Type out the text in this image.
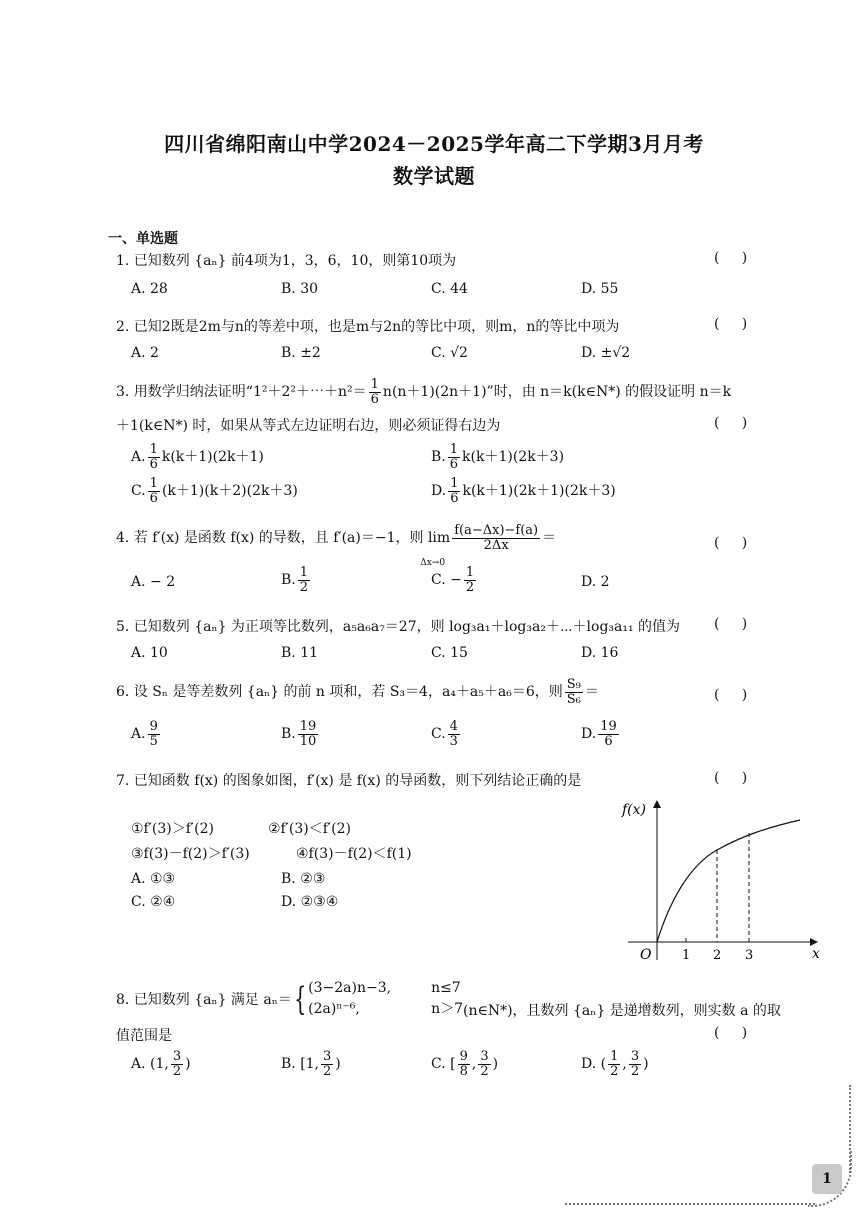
四川省绵阳南山中学2024－2025学年高二下学期3月月考
数学试题
一、单选题
1. 已知数列 {aₙ} 前4项为1，3，6，10，则第10项为	(     )
A. 28	B. 30	C. 44	D. 55
2. 已知2既是2m与n的等差中项，也是m与2n的等比中项，则m，n的等比中项为	(     )
A. 2	B. ±2	C. √2	D. ±√2
3. 用数学归纳法证明“1²＋2²＋⋯＋n²＝ $\frac{1}{6} n(n+1)(2n+1)$”时，由 n＝k(k∈N*) 的假设证明 n＝k
＋1(k∈N*) 时，如果从等式左边证明右边，则必须证得右边为	(     )
A. $\frac{1}{6} k(k+1)(2k+1)$	B. $\frac{1}{6} k(k+1)(2k+3)$
C. $\frac{1}{6} (k+1)(k+2)(2k+3)$	D. $\frac{1}{6} k(k+1)(2k+1)(2k+3)$
4. 若 f′(x) 是函数 f(x) 的导数，且 f′(a)＝−1，则 lim
Δx→0
$\frac{f(a-\Delta x)-f(a)}{2\Delta x}$ ＝	(     )
A. − 2	B. $\frac{1}{2}$	C. − $\frac{1}{2}$	D. 2
5. 已知数列 {aₙ} 为正项等比数列，a₅a₆a₇＝27，则 log₃a₁＋log₃a₂＋⋯＋log₃a₁₁ 的值为 (     )
A. 10	B. 11	C. 15	D. 16
6. 设 Sₙ 是等差数列 {aₙ} 的前 n 项和，若 S₃＝4，a₄＋a₅＋a₆＝6，则 $\frac{\text{S₉}}{\text{S₆}}$ ＝	(     )
A. $\frac{9}{5}$	B. $\frac{19}{10}$	C. $\frac{4}{3}$	D. $\frac{19}{6}$
7. 已知函数 f(x) 的图象如图，f′(x) 是 f(x) 的导函数，则下列结论正确的是	(     )
①f′(3)＞f′(2)	②f′(3)＜f′(2)
③f(3)－f(2)＞f′(3)	④f(3)－f(2)＜f(1)
A. ①③	B. ②③
C. ②④	D. ②③④
f(x)
x
O 1 2 3
8. 已知数列 {aₙ} 满足 aₙ＝ { (3−2a)n−3,
(2a)ⁿ⁻⁶,
n≤7
n＞7 (n∈N*)，且数列 {aₙ} 是递增数列，则实数 a 的取
值范围是	(     )
A. (1, $\frac{3}{2}$ )	B. [1, $\frac{3}{2}$ )	C. [ $\frac{9}{8}$ , $\frac{3}{2}$ )	D. ( $\frac{1}{2}$ , $\frac{3}{2}$ )
1
